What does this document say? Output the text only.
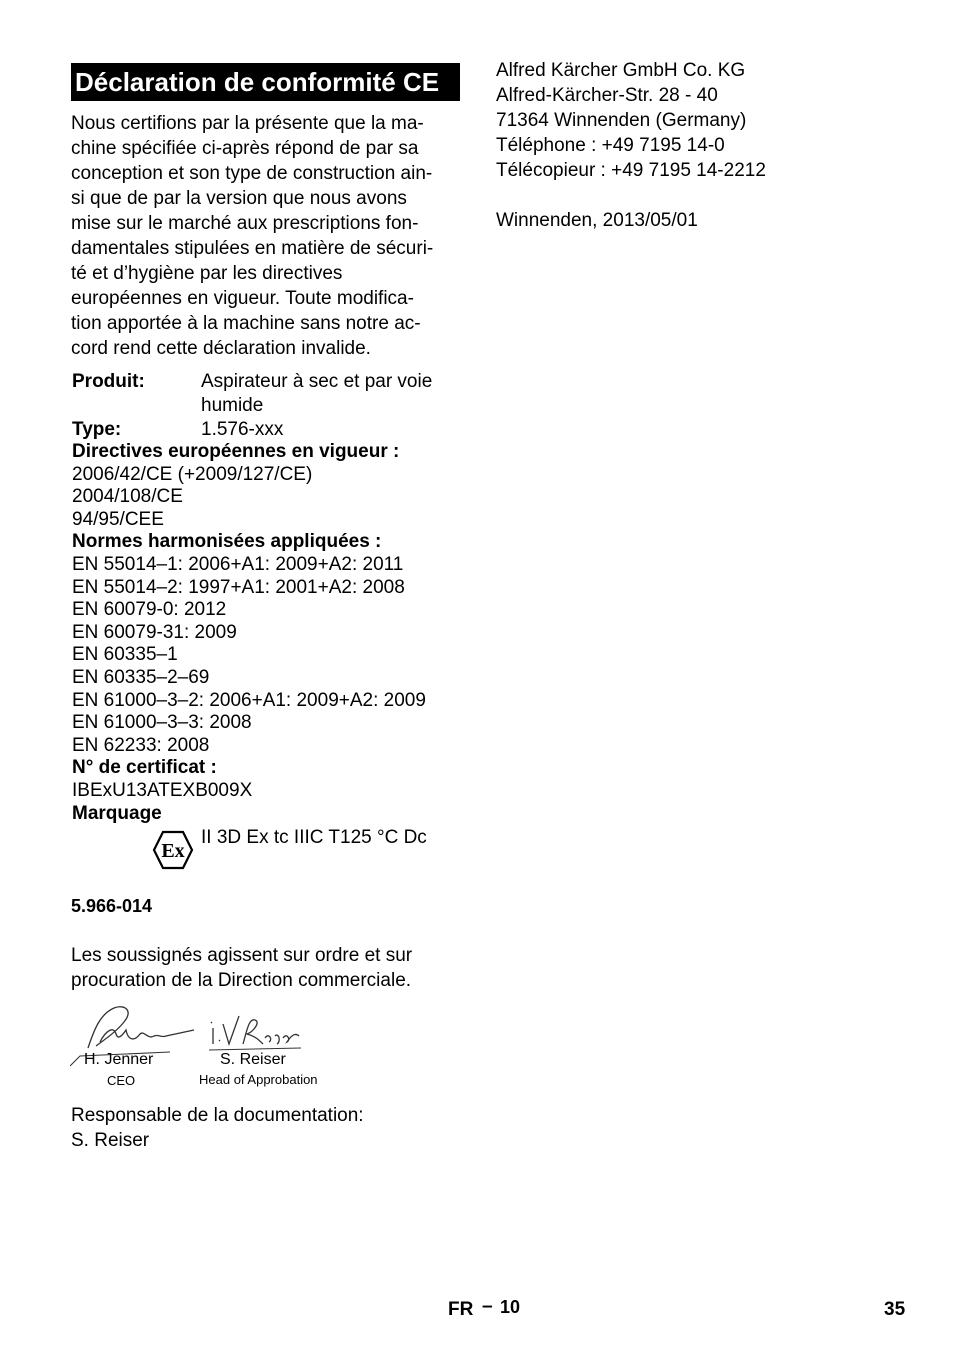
Déclaration de conformité CE
Nous certifions par la présente que la ma-
chine spécifiée ci-après répond de par sa
conception et son type de construction ain-
si que de par la version que nous avons
mise sur le marché aux prescriptions fon-
damentales stipulées en matière de sécuri-
té et d’hygiène par les directives
européennes en vigueur. Toute modifica-
tion apportée à la machine sans notre ac-
cord rend cette déclaration invalide.
Produit:	Aspirateur à sec et par voie
humide
Type:	1.576-xxx
Directives européennes en vigueur :
2006/42/CE (+2009/127/CE)
2004/108/CE
94/95/CEE
Normes harmonisées appliquées :
EN 55014–1: 2006+A1: 2009+A2: 2011
EN 55014–2: 1997+A1: 2001+A2: 2008
EN 60079-0: 2012
EN 60079-31: 2009
EN 60335–1
EN 60335–2–69
EN 61000–3–2: 2006+A1: 2009+A2: 2009
EN 61000–3–3: 2008
EN 62233: 2008
N° de certificat :
IBExU13ATEXB009X
Marquage
Ex
II 3D Ex tc IIIC T125 °C Dc
5.966-014
Les soussignés agissent sur ordre et sur
procuration de la Direction commerciale.
H. Jenner
CEO
S. Reiser
Head of Approbation
Responsable de la documentation:
S. Reiser
Alfred Kärcher GmbH Co. KG
Alfred-Kärcher-Str. 28 - 40
71364 Winnenden (Germany)
Téléphone : +49 7195 14-0
Télécopieur : +49 7195 14-2212
Winnenden, 2013/05/01
FR – 10	35
